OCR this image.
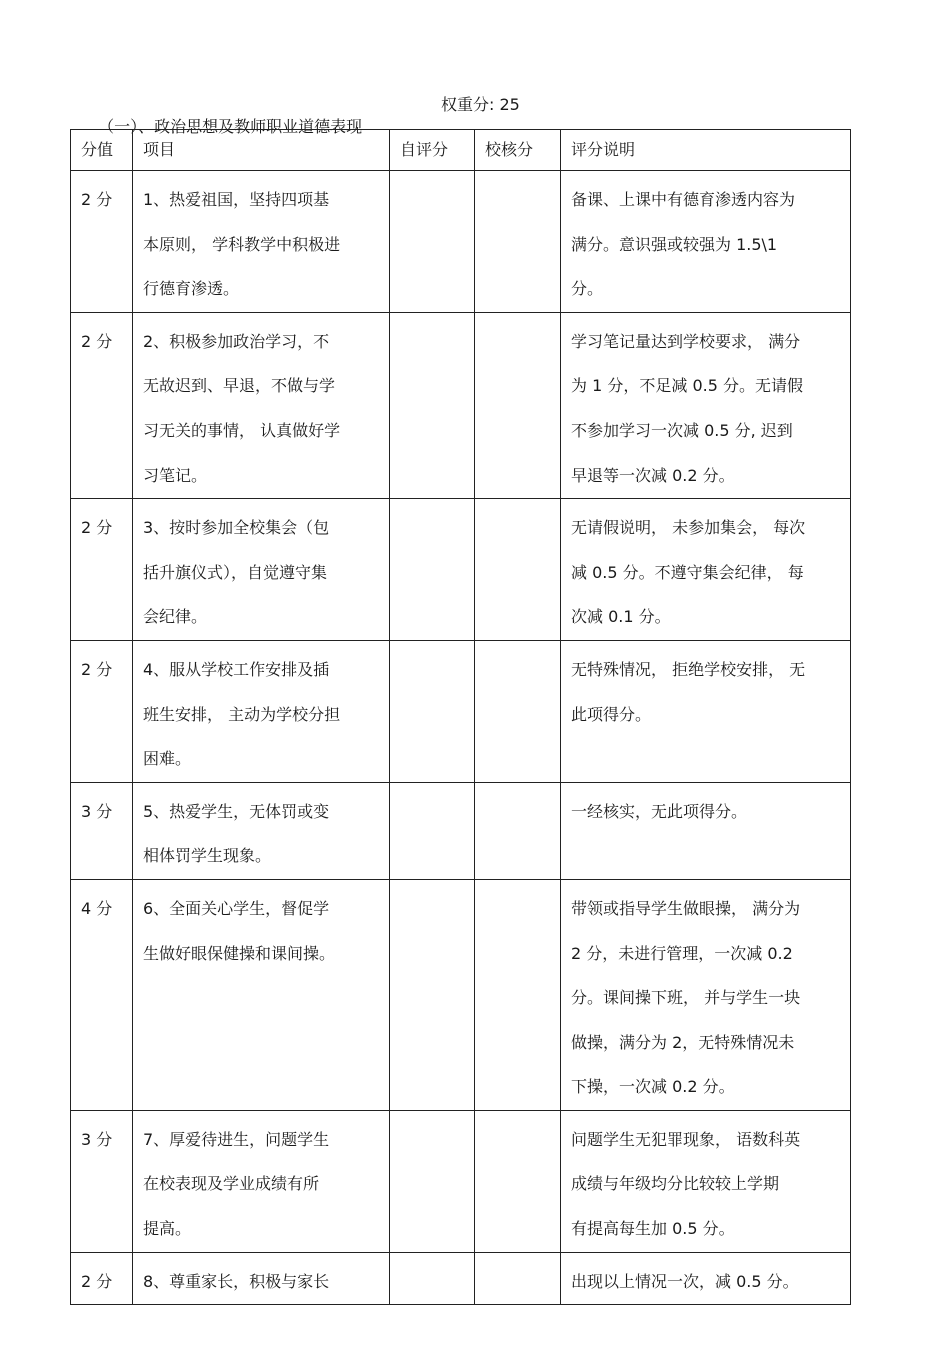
（一）、政治思想及教师职业道德表现

权重分: 25

分值	项目	自评分	校核分	评分说明
2 分	1、热爱祖国，坚持四项基
本原则， 学科教学中积极进
行德育渗透。			备课、上课中有德育渗透内容为
满分。意识强或较强为 1.5\1
分。

2 分	2、积极参加政治学习，不
无故迟到、早退，不做与学
习无关的事情， 认真做好学
习笔记。			学习笔记量达到学校要求， 满分
为 1 分，不足减 0.5 分。无请假
不参加学习一次减 0.5 分, 迟到
早退等一次减 0.2 分。

2 分	3、按时参加全校集会（包
括升旗仪式），自觉遵守集
会纪律。			无请假说明， 未参加集会， 每次
减 0.5 分。不遵守集会纪律， 每
次减 0.1 分。

2 分	4、服从学校工作安排及插
班生安排， 主动为学校分担
困难。			无特殊情况， 拒绝学校安排， 无
此项得分。

3 分	5、热爱学生，无体罚或变
相体罚学生现象。			一经核实，无此项得分。

4 分	6、全面关心学生，督促学
生做好眼保健操和课间操。			带领或指导学生做眼操， 满分为
2 分，未进行管理，一次减 0.2
分。课间操下班， 并与学生一块
做操，满分为 2，无特殊情况未
下操，一次减 0.2 分。

3 分	7、厚爱待进生，问题学生
在校表现及学业成绩有所
提高。			问题学生无犯罪现象， 语数科英
成绩与年级均分比较较上学期
有提高每生加 0.5 分。

2 分	8、尊重家长，积极与家长			出现以上情况一次，减 0.5 分。
